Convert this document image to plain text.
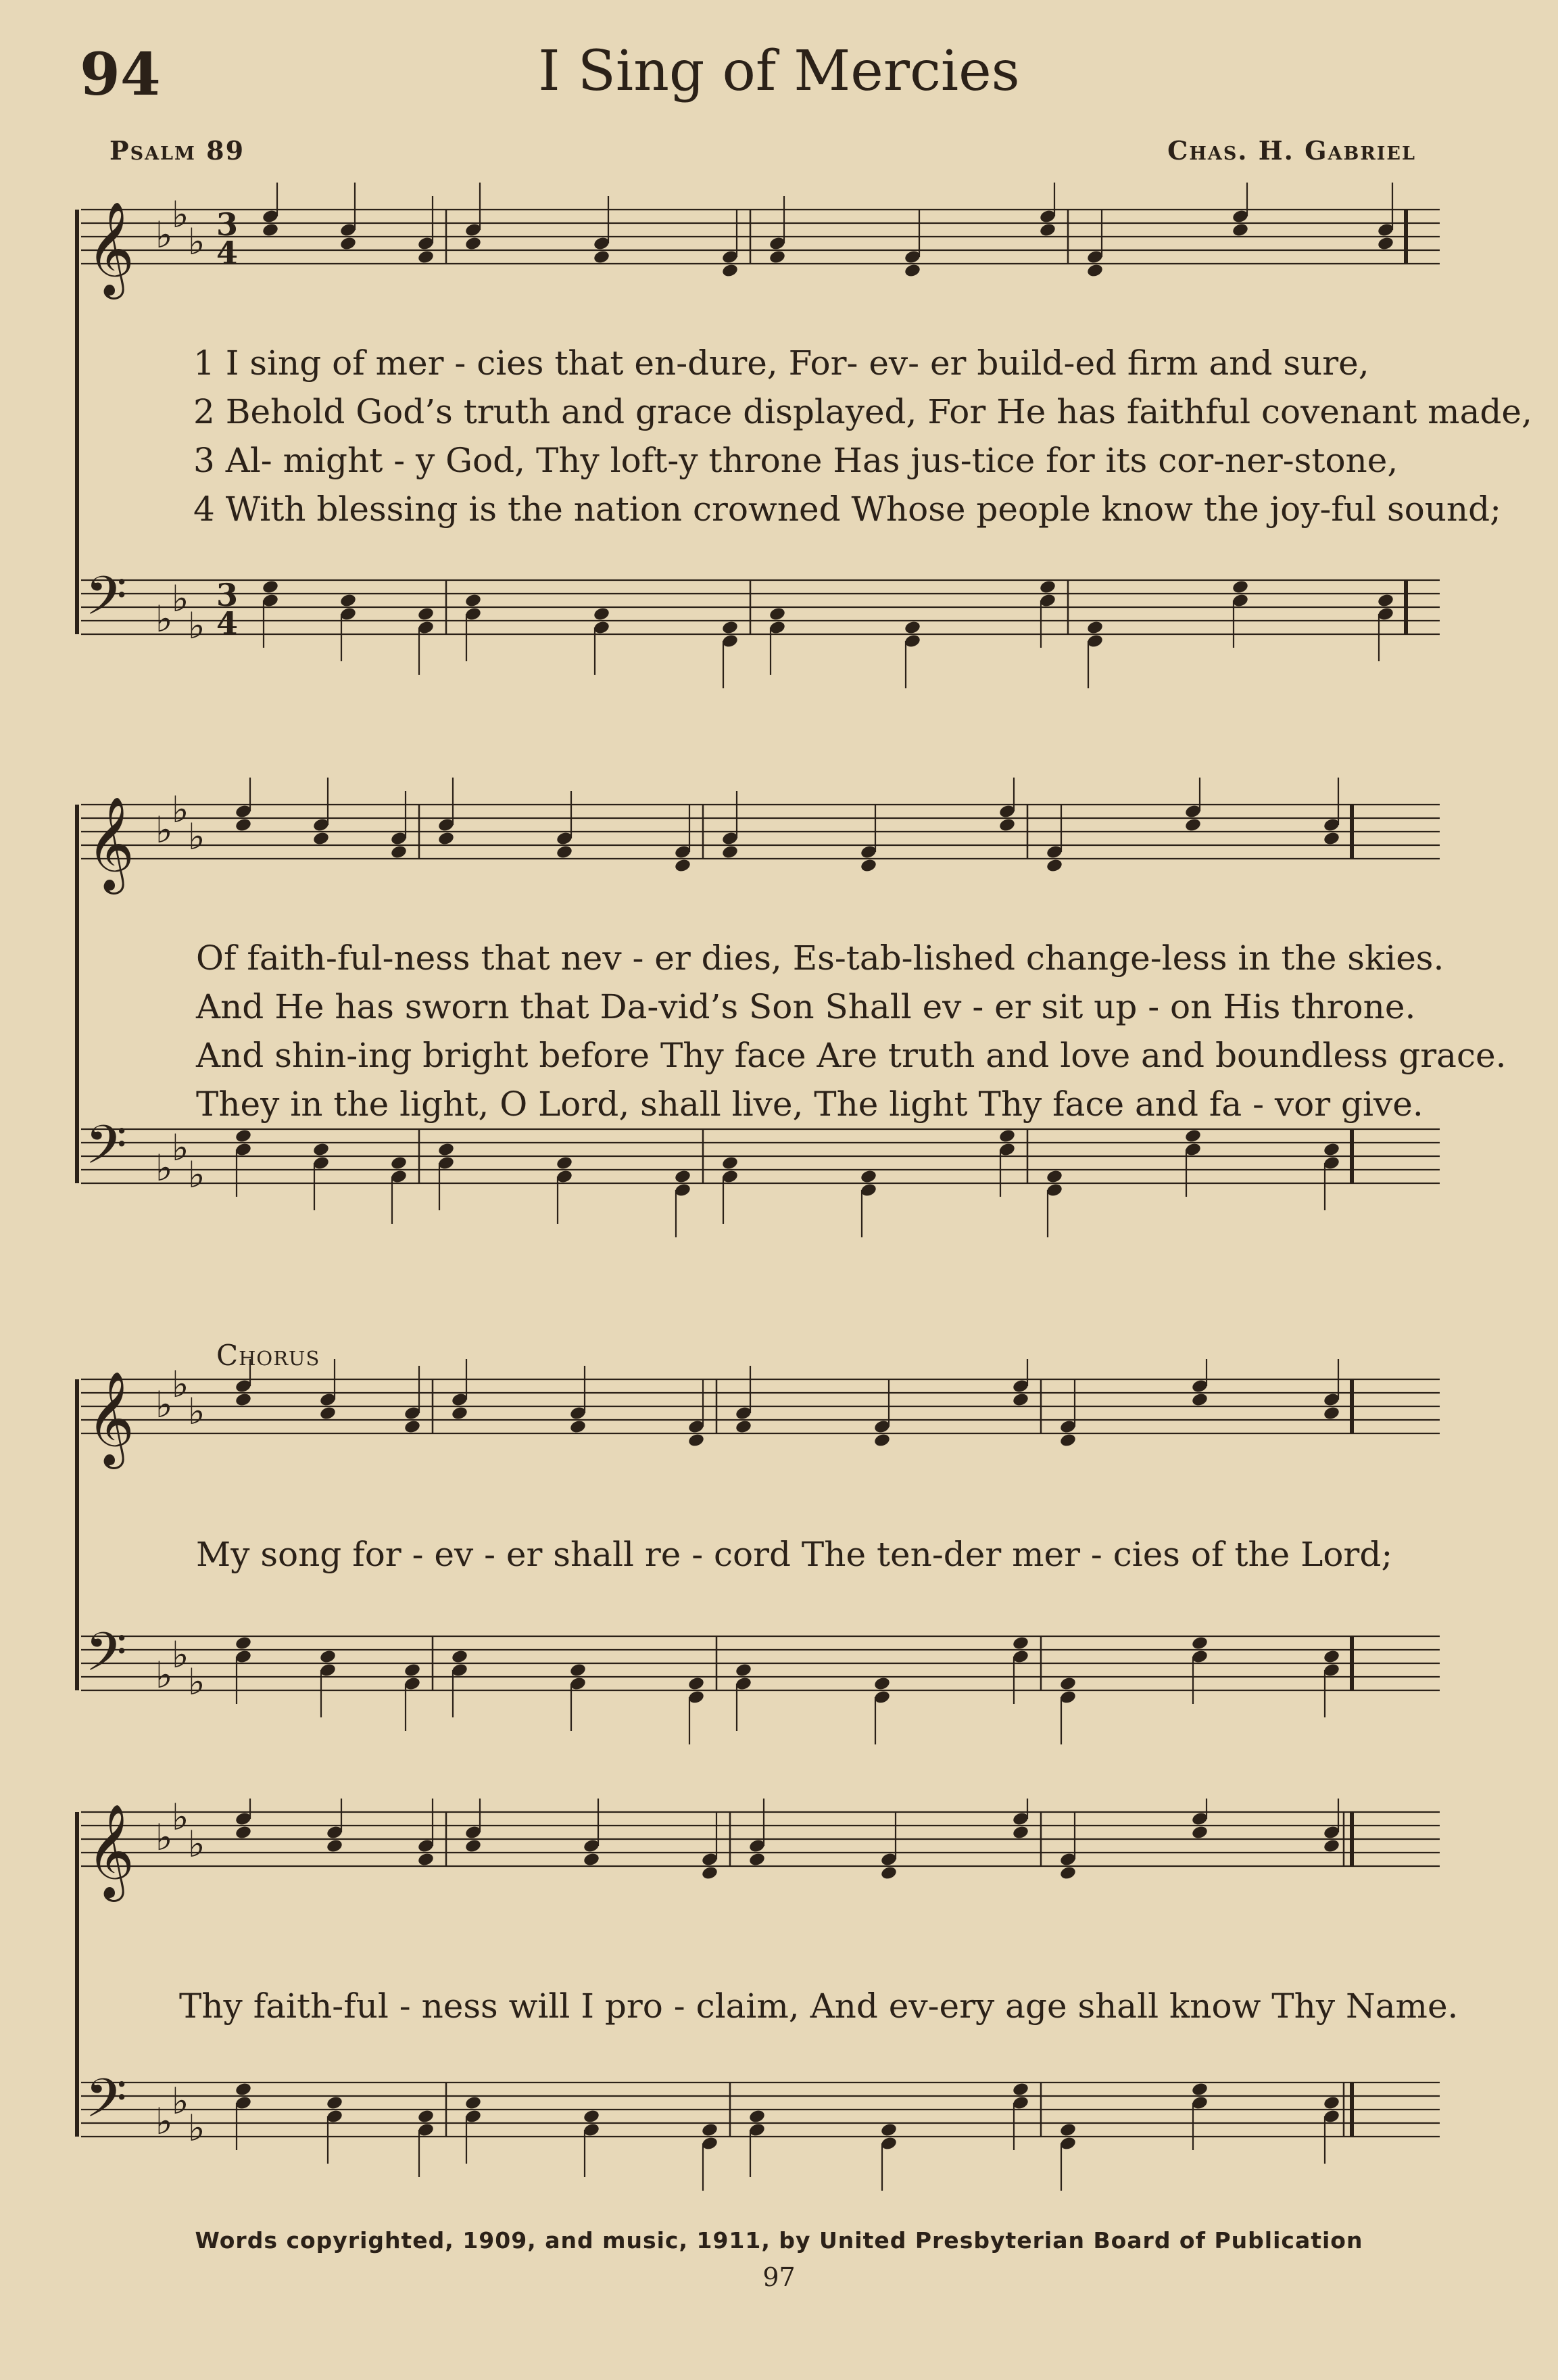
94	I Sing of Mercies
Psalm 89	Chas. H. Gabriel
𝄞 ♭
♭
♭
𝄢 ♭
♭
♭
3
4
3
4
1 I sing of mer - cies that en-dure, For- ev- er build-ed firm and sure,
2 Behold God’s truth and grace displayed, For He has faithful covenant made,
3 Al- might - y God, Thy loft-y throne Has jus-tice for its cor-ner-stone,
4 With blessing is the nation crowned Whose people know the joy-ful sound;
𝄞 ♭
♭
♭
𝄢 ♭
♭
♭
Of faith-ful-ness that nev - er dies, Es-tab-lished change-less in the skies.
And He has sworn that Da-vid’s Son Shall ev - er sit up - on His throne.
And shin-ing bright before Thy face Are truth and love and boundless grace.
They in the light, O Lord, shall live, The light Thy face and fa - vor give.
Chorus
𝄞 ♭
♭
♭
𝄢 ♭
♭
♭
My song for - ev - er shall re - cord The ten-der mer - cies of the Lord;
𝄞 ♭
♭
♭
𝄢 ♭
♭
♭
Thy faith-ful - ness will I pro - claim, And ev-ery age shall know Thy Name.
Words copyrighted, 1909, and music, 1911, by United Presbyterian Board of Publication
97
